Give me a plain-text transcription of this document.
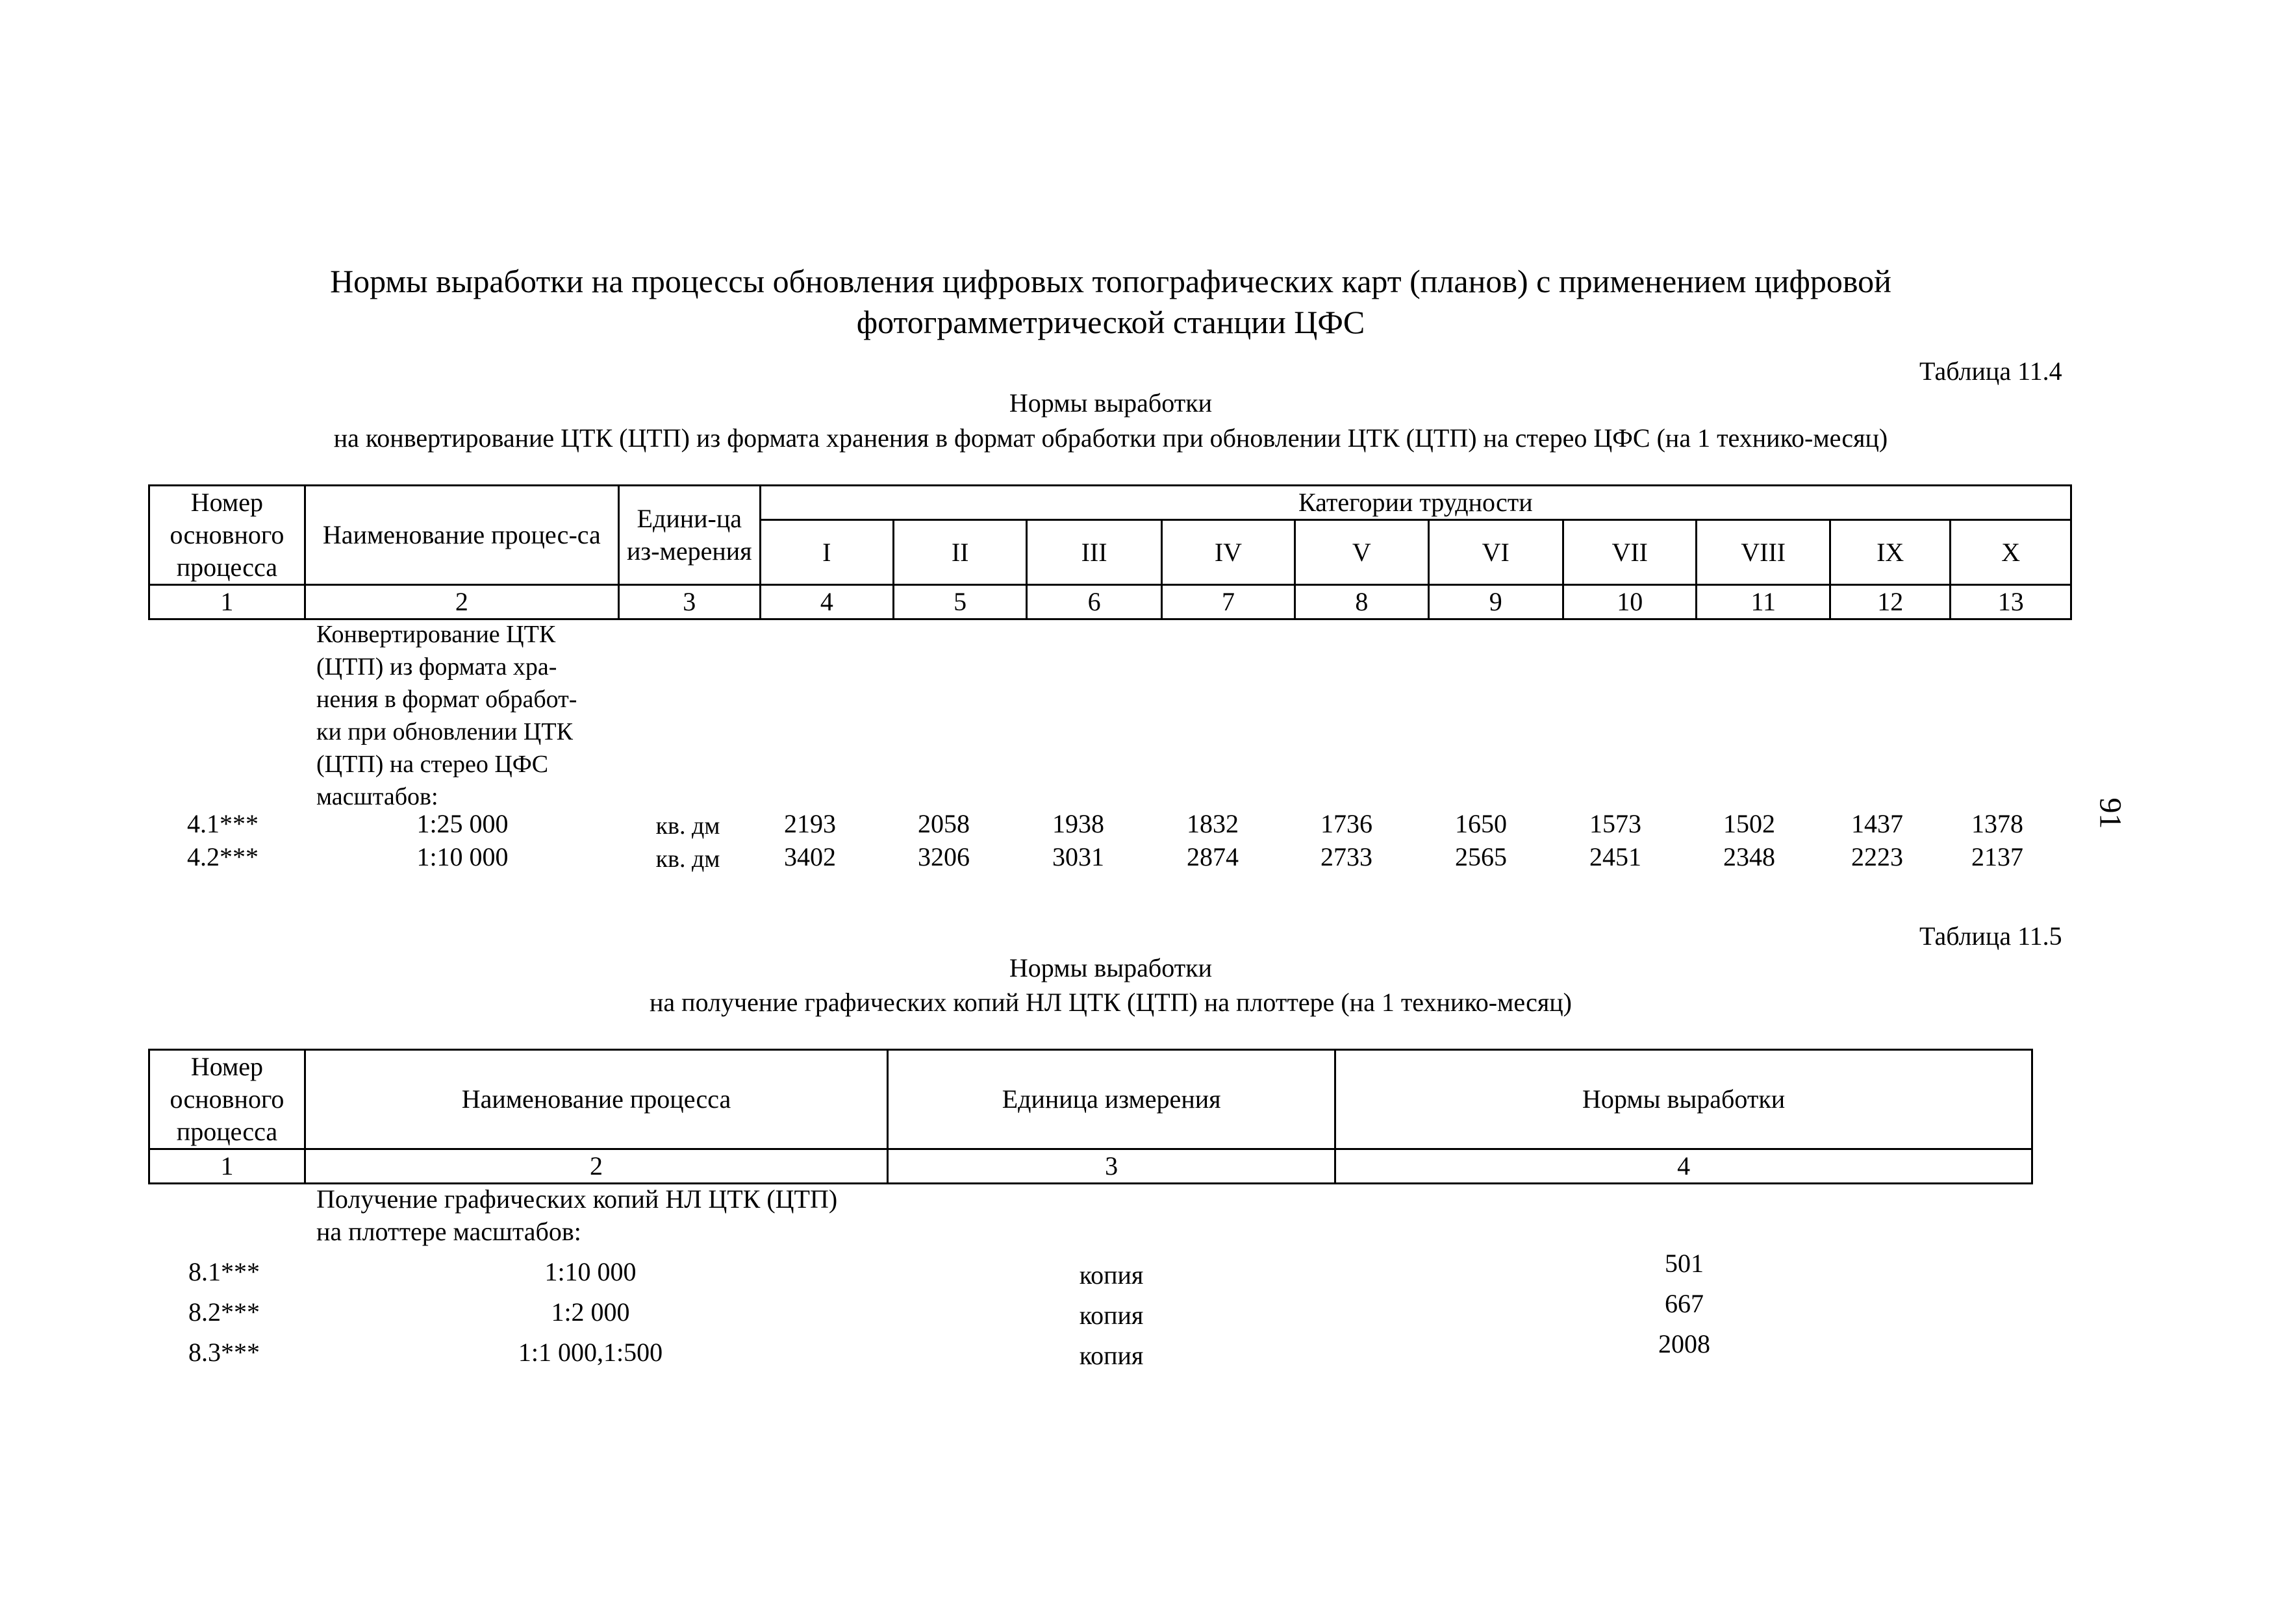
Нормы выработки на процессы обновления цифровых топографических карт (планов) с применением цифровой
фотограмметрической станции ЦФС
Таблица 11.4
Нормы выработки
на конвертирование ЦТК (ЦТП) из формата хранения в формат обработки при обновлении ЦТК (ЦТП) на стерео ЦФС (на 1 технико-месяц)
Номер основного процесса	Наименование процес-са	Едини-ца из-мерения	Категории трудности									
			I	II	III	IV	V	VI	VII	VIII	IX	X
1	2	3	4	5	6	7	8	9	10	11	12	13
Конвертирование ЦТК
(ЦТП) из формата хра-
нения в формат обработ-
ки при обновлении ЦТК
(ЦТП) на стерео ЦФС
масштабов:
4.1***	1:25 000	кв. дм	2193	2058	1938	1832	1736	1650	1573	1502	1437	1378
4.2***	1:10 000	кв. дм	3402	3206	3031	2874	2733	2565	2451	2348	2223	2137
91
Таблица 11.5
Нормы выработки
на получение графических копий НЛ ЦТК (ЦТП) на плоттере (на 1 технико-месяц)
Номер основного процесса	Наименование процесса	Единица измерения	Нормы выработки
1	2	3	4
Получение графических копий НЛ ЦТК (ЦТП)
на плоттере масштабов:
8.1***	1:10 000	копия	501
8.2***	1:2 000	копия	667
8.3***	1:1 000,1:500	копия	2008
